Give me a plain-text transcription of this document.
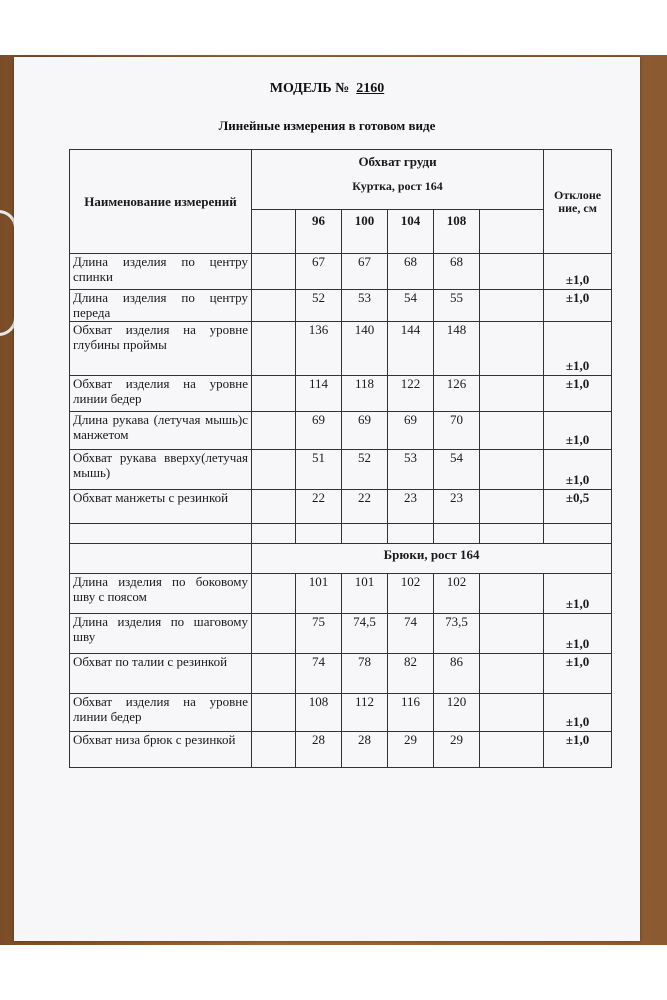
МОДЕЛЬ № 2160
Линейные измерения в готовом виде
Наименование измерений	Обхват груди
Куртка, рост 164						Отклоне ние, см
		96	100	104	108		
Длина изделия по центру спинки		67	67	68	68		±1,0
Длина изделия по центру переда		52	53	54	55		±1,0
Обхват изделия на уровне глубины проймы		136	140	144	148		±1,0
Обхват изделия на уровне линии бедер		114	118	122	126		±1,0
Длина рукава (летучая мышь)с манжетом		69	69	69	70		±1,0
Обхват рукава вверху(летучая мышь)		51	52	53	54		±1,0
Обхват манжеты с резинкой		22	22	23	23		±0,5

	Брюки, рост 164						
Длина изделия по боковому шву с поясом		101	101	102	102		±1,0
Длина изделия по шаговому шву		75	74,5	74	73,5		±1,0
Обхват по талии с резинкой		74	78	82	86		±1,0
Обхват изделия на уровне линии бедер		108	112	116	120		±1,0
Обхват низа брюк с резинкой		28	28	29	29		±1,0
